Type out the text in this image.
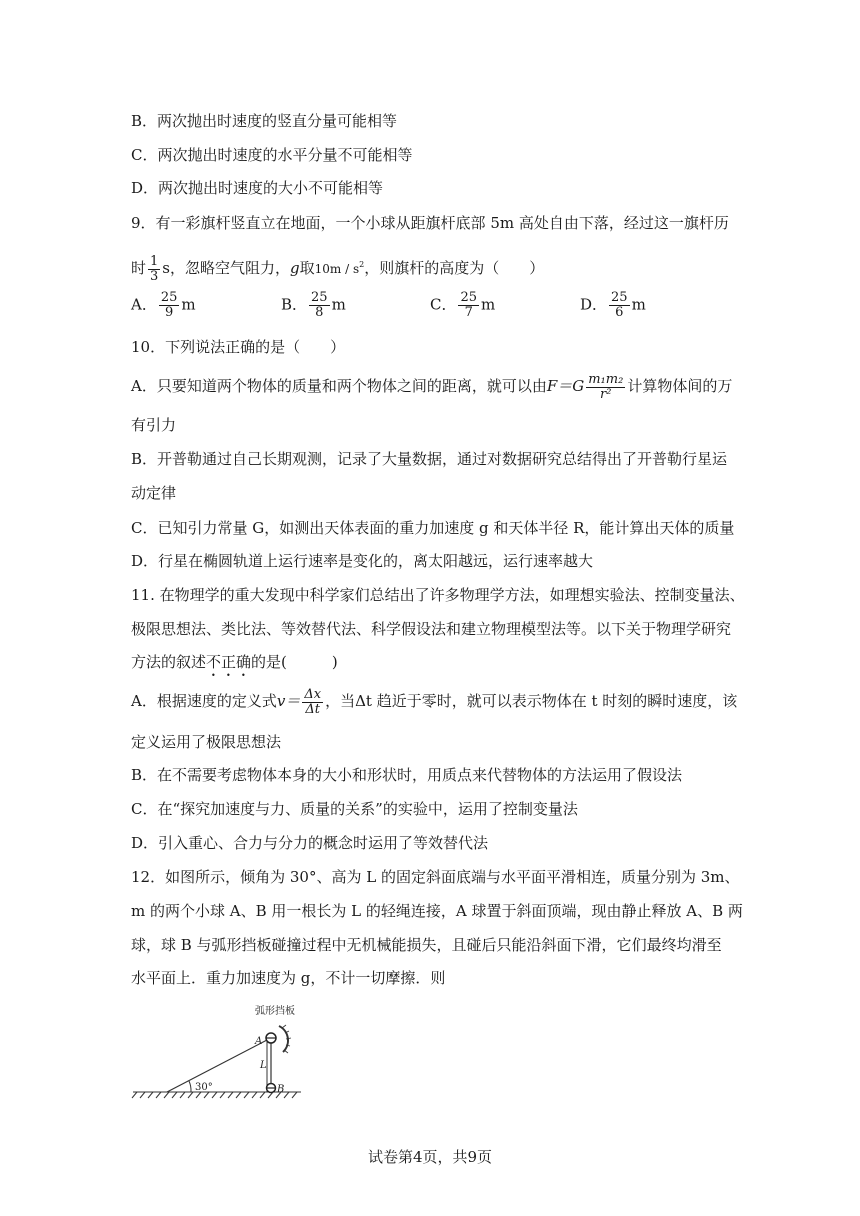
B．两次抛出时速度的竖直分量可能相等
C．两次抛出时速度的水平分量不可能相等
D．两次抛出时速度的大小不可能相等
9．有一彩旗杆竖直立在地面，一个小球从距旗杆底部 5m 高处自由下落，经过这一旗杆历
时 $\frac{1}{3}$ s，忽略空气阻力，g取$10m / s^2$，则旗杆的高度为（　　）
A． $\frac{25}{9}$ m	B． $\frac{25}{8}$ m	C． $\frac{25}{7}$ m	D． $\frac{25}{6}$ m
10．下列说法正确的是（　　）
A．只要知道两个物体的质量和两个物体之间的距离，就可以由$F=G \frac{\text{m₁m₂}}{\text{r²}}$ 计算物体间的万
有引力
B．开普勒通过自己长期观测，记录了大量数据，通过对数据研究总结得出了开普勒行星运
动定律
C．已知引力常量 G，如测出天体表面的重力加速度 g 和天体半径 R，能计算出天体的质量
D．行星在椭圆轨道上运行速率是变化的，离太阳越远，运行速率越大
11. 在物理学的重大发现中科学家们总结出了许多物理学方法，如理想实验法、控制变量法、
极限思想法、类比法、等效替代法、科学假设法和建立物理模型法等。以下关于物理学研究
方法的叙述不正确的是(　　　)
A．根据速度的定义式$v= \frac{\Delta x}{\Delta t}$ ，当Δt 趋近于零时，就可以表示物体在 t 时刻的瞬时速度，该
定义运用了极限思想法
B．在不需要考虑物体本身的大小和形状时，用质点来代替物体的方法运用了假设法
C．在“探究加速度与力、质量的关系”的实验中，运用了控制变量法
D．引入重心、合力与分力的概念时运用了等效替代法
12．如图所示，倾角为 30°、高为 L 的固定斜面底端与水平面平滑相连，质量分别为 3m、
m 的两个小球 A、B 用一根长为 L 的轻绳连接，A 球置于斜面顶端，现由静止释放 A、B 两
球，球 B 与弧形挡板碰撞过程中无机械能损失，且碰后只能沿斜面下滑，它们最终均滑至
水平面上．重力加速度为 g，不计一切摩擦．则
弧形挡板
A
L
B
30°
试卷第4页，共9页
